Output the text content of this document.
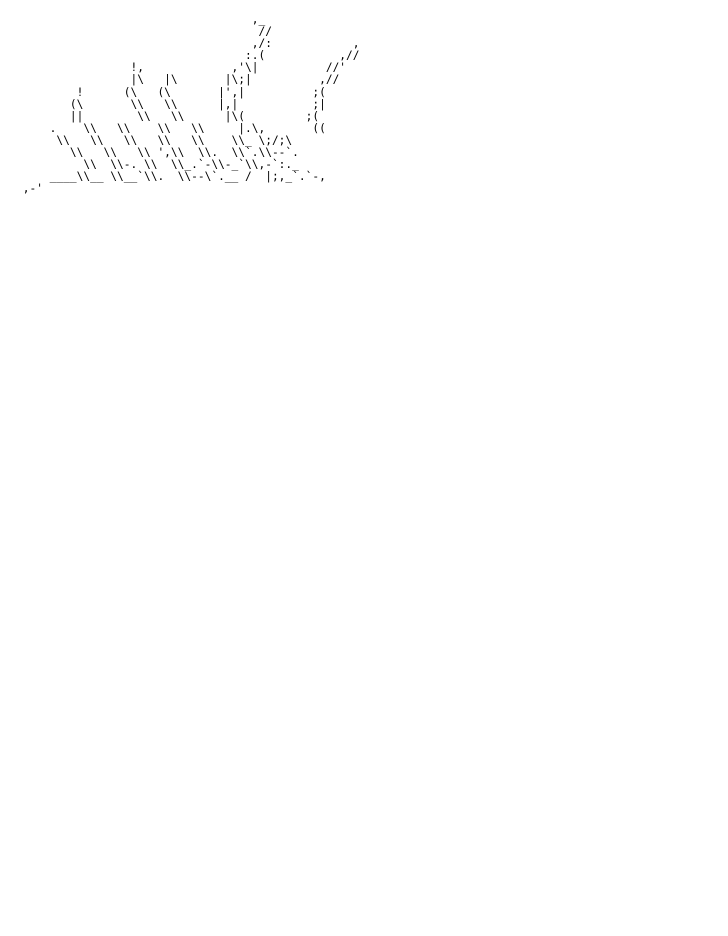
,_
//
,/:            ,
:.(           ,//
!,             ,'\|          //'
|\   |\       |\;|          ,//
!      (\   (\       |',|          ;(
(\       \\   \\      |,|           ;|
||        \\   \\      |\(         ;(
.    \\   \\    \\   \\     |.\,       ((
\\   \\   \\   \\   \\    \\_ \;/;\
\\   \\   \\ ',\\  \\.  \\`.\\--`.
\\  \\-. \\  \\_.`-\\-_`\\,-`:._
____\\__ \\__`\\.  \\--\`.__ /  |;,_`.`-,
,-'
